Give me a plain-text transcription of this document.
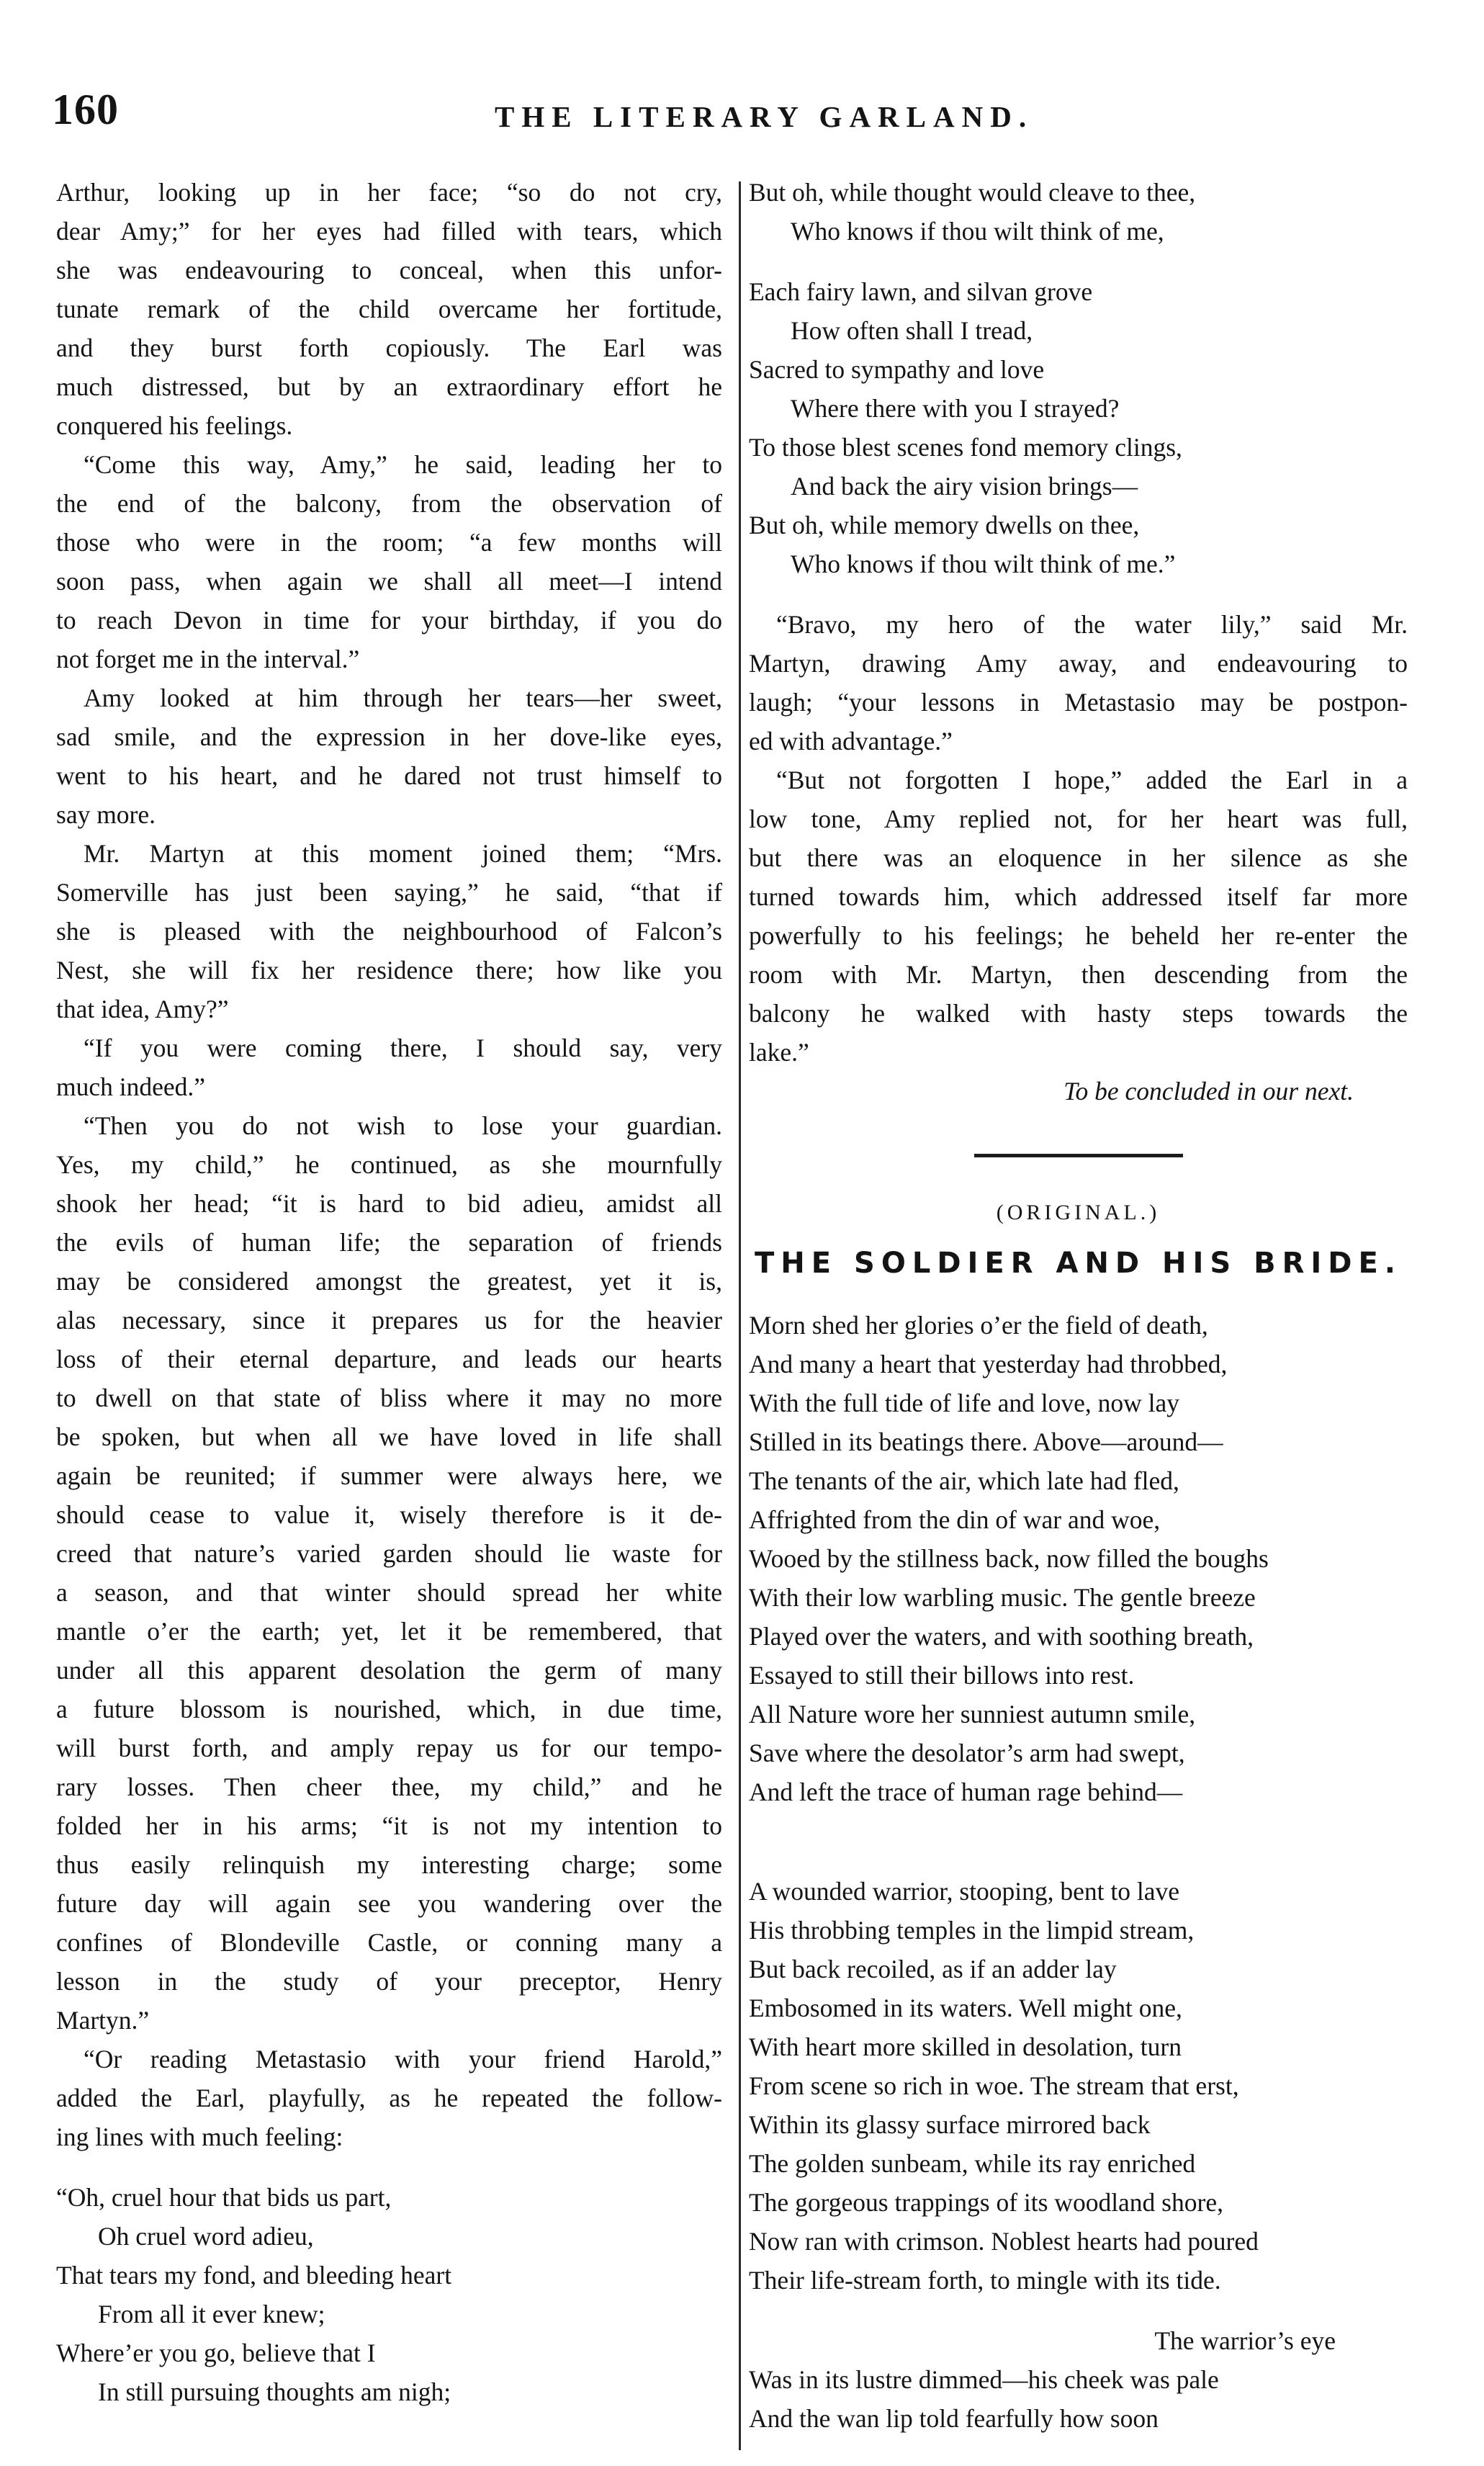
160	THE LITERARY GARLAND.
Arthur, looking up in her face; “so do not cry,
dear Amy;” for her eyes had filled with tears, which
she was endeavouring to conceal, when this unfor-
tunate remark of the child overcame her fortitude,
and they burst forth copiously. The Earl was
much distressed, but by an extraordinary effort he
conquered his feelings.
“Come this way, Amy,” he said, leading her to
the end of the balcony, from the observation of
those who were in the room; “a few months will
soon pass, when again we shall all meet—I intend
to reach Devon in time for your birthday, if you do
not forget me in the interval.”
Amy looked at him through her tears—her sweet,
sad smile, and the expression in her dove-like eyes,
went to his heart, and he dared not trust himself to
say more.
Mr. Martyn at this moment joined them; “Mrs.
Somerville has just been saying,” he said, “that if
she is pleased with the neighbourhood of Falcon’s
Nest, she will fix her residence there; how like you
that idea, Amy?”
“If you were coming there, I should say, very
much indeed.”
“Then you do not wish to lose your guardian.
Yes, my child,” he continued, as she mournfully
shook her head; “it is hard to bid adieu, amidst all
the evils of human life; the separation of friends
may be considered amongst the greatest, yet it is,
alas necessary, since it prepares us for the heavier
loss of their eternal departure, and leads our hearts
to dwell on that state of bliss where it may no more
be spoken, but when all we have loved in life shall
again be reunited; if summer were always here, we
should cease to value it, wisely therefore is it de-
creed that nature’s varied garden should lie waste for
a season, and that winter should spread her white
mantle o’er the earth; yet, let it be remembered, that
under all this apparent desolation the germ of many
a future blossom is nourished, which, in due time,
will burst forth, and amply repay us for our tempo-
rary losses. Then cheer thee, my child,” and he
folded her in his arms; “it is not my intention to
thus easily relinquish my interesting charge; some
future day will again see you wandering over the
confines of Blondeville Castle, or conning many a
lesson in the study of your preceptor, Henry
Martyn.”
“Or reading Metastasio with your friend Harold,”
added the Earl, playfully, as he repeated the follow-
ing lines with much feeling:
“Oh, cruel hour that bids us part,
Oh cruel word adieu,
That tears my fond, and bleeding heart
From all it ever knew;
Where’er you go, believe that I
In still pursuing thoughts am nigh;
But oh, while thought would cleave to thee,
Who knows if thou wilt think of me,
Each fairy lawn, and silvan grove
How often shall I tread,
Sacred to sympathy and love
Where there with you I strayed?
To those blest scenes fond memory clings,
And back the airy vision brings—
But oh, while memory dwells on thee,
Who knows if thou wilt think of me.”
“Bravo, my hero of the water lily,” said Mr.
Martyn, drawing Amy away, and endeavouring to
laugh; “your lessons in Metastasio may be postpon-
ed with advantage.”
“But not forgotten I hope,” added the Earl in a
low tone, Amy replied not, for her heart was full,
but there was an eloquence in her silence as she
turned towards him, which addressed itself far more
powerfully to his feelings; he beheld her re-enter the
room with Mr. Martyn, then descending from the
balcony he walked with hasty steps towards the
lake.”
To be concluded in our next.
(ORIGINAL.)
THE SOLDIER AND HIS BRIDE.
Morn shed her glories o’er the field of death,
And many a heart that yesterday had throbbed,
With the full tide of life and love, now lay
Stilled in its beatings there. Above—around—
The tenants of the air, which late had fled,
Affrighted from the din of war and woe,
Wooed by the stillness back, now filled the boughs
With their low warbling music. The gentle breeze
Played over the waters, and with soothing breath,
Essayed to still their billows into rest.
All Nature wore her sunniest autumn smile,
Save where the desolator’s arm had swept,
And left the trace of human rage behind—
★ ★ ★ ★ ★ ★ ★ ★ ★ ★
A wounded warrior, stooping, bent to lave
His throbbing temples in the limpid stream,
But back recoiled, as if an adder lay
Embosomed in its waters. Well might one,
With heart more skilled in desolation, turn
From scene so rich in woe. The stream that erst,
Within its glassy surface mirrored back
The golden sunbeam, while its ray enriched
The gorgeous trappings of its woodland shore,
Now ran with crimson. Noblest hearts had poured
Their life-stream forth, to mingle with its tide.
The warrior’s eye
Was in its lustre dimmed—his cheek was pale
And the wan lip told fearfully how soon
